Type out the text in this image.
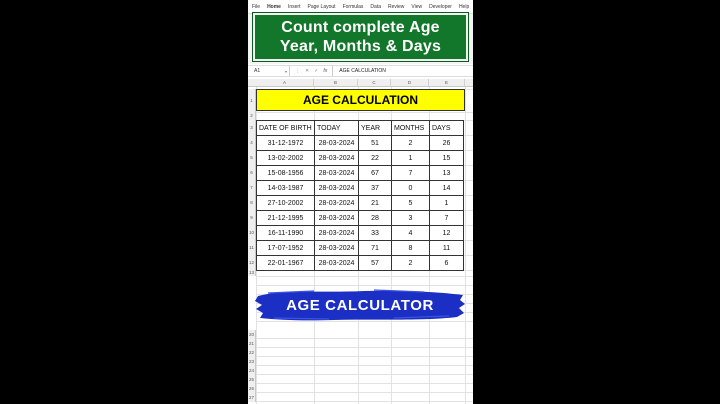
File Home Insert Page Layout Formulas Data Review View Developer Help
Count complete Age
Year, Months & Days
A1	▾ ⋮ ✕ ✓ fx	AGE CALCULATION
A	B	C	D	E
1
2
3
4
5
6
7
8
9
10
11
12
13
20
21
22
23
24
25
26
27
AGE CALCULATION
DATE OF BIRTH	TODAY	YEAR	MONTHS	DAYS
31-12-1972	28-03-2024	51	2	26
13-02-2002	28-03-2024	22	1	15
15-08-1956	28-03-2024	67	7	13
14-03-1987	28-03-2024	37	0	14
27-10-2002	28-03-2024	21	5	1
21-12-1995	28-03-2024	28	3	7
16-11-1990	28-03-2024	33	4	12
17-07-1952	28-03-2024	71	8	11
22-01-1967	28-03-2024	57	2	6
AGE CALCULATOR
